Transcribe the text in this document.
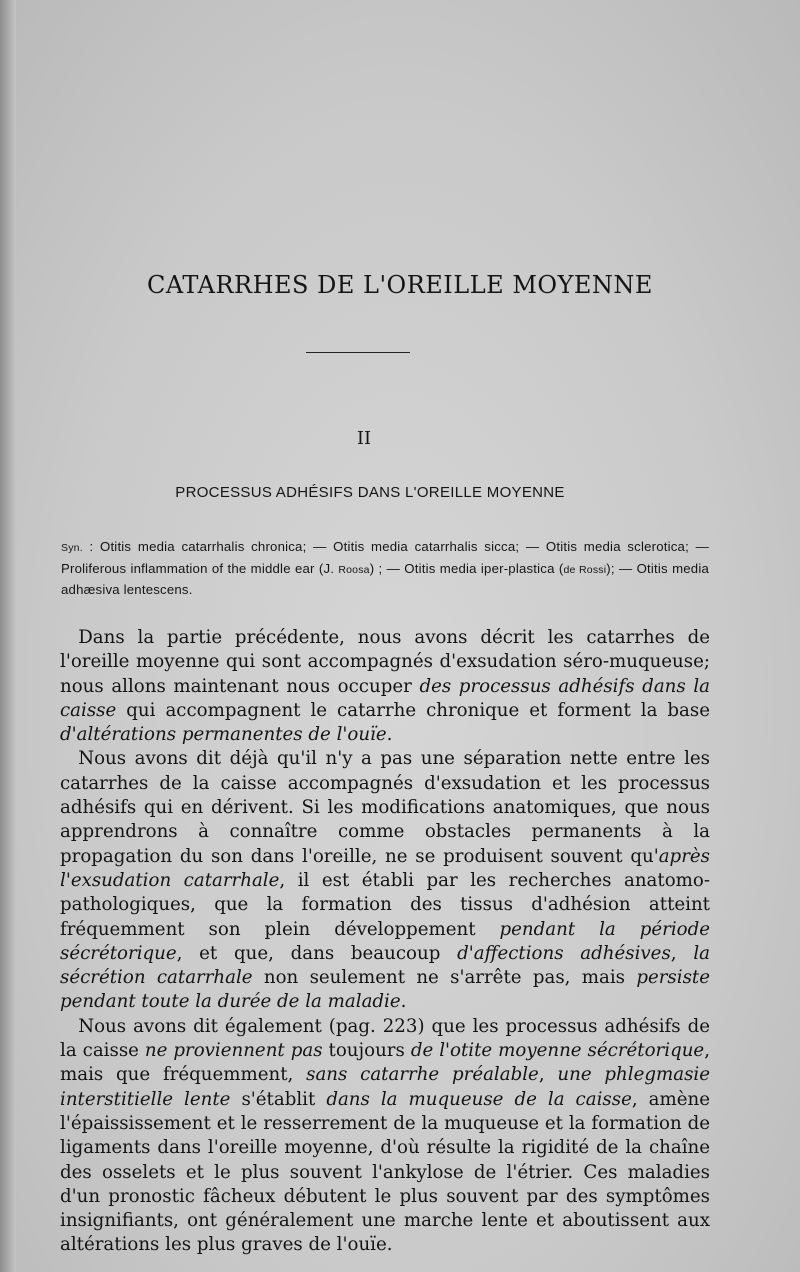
CATARRHES DE L'OREILLE MOYENNE
II
PROCESSUS ADHÉSIFS DANS L'OREILLE MOYENNE
Syn. : Otitis media catarrhalis chronica; — Otitis media catarrhalis sicca; — Otitis media sclerotica; — Proliferous inflammation of the middle ear (J. Roosa) ; — Otitis media iper-plastica (de Rossi); — Otitis media adhæsiva lentescens.

 Dans la partie précédente, nous avons décrit les catarrhes de l'oreille moyenne qui sont accompagnés d'exsudation séro-muqueuse; nous allons maintenant nous occuper des processus adhésifs dans la caisse qui accompagnent le catarrhe chronique et forment la base d'altérations permanentes de l'ouïe.

 Nous avons dit déjà qu'il n'y a pas une séparation nette entre les catarrhes de la caisse accompagnés d'exsudation et les processus adhésifs qui en dérivent. Si les modifications anatomiques, que nous apprendrons à connaître comme obstacles permanents à la propagation du son dans l'oreille, ne se produisent souvent qu'après l'exsudation catarrhale, il est établi par les recherches anatomo-pathologiques, que la formation des tissus d'adhésion atteint fréquemment son plein développement pendant la période sécrétorique, et que, dans beaucoup d'affections adhésives, la sécrétion catarrhale non seulement ne s'arrête pas, mais persiste pendant toute la durée de la maladie.

 Nous avons dit également (pag. 223) que les processus adhésifs de la caisse ne proviennent pas toujours de l'otite moyenne sécrétorique, mais que fréquemment, sans catarrhe préalable, une phlegmasie interstitielle lente s'établit dans la muqueuse de la caisse, amène l'épaississement et le resserrement de la muqueuse et la formation de ligaments dans l'oreille moyenne, d'où résulte la rigidité de la chaîne des osselets et le plus souvent l'ankylose de l'étrier. Ces maladies d'un pronostic fâcheux débutent le plus souvent par des symptômes insignifiants, ont généralement une marche lente et aboutissent aux altérations les plus graves de l'ouïe.
